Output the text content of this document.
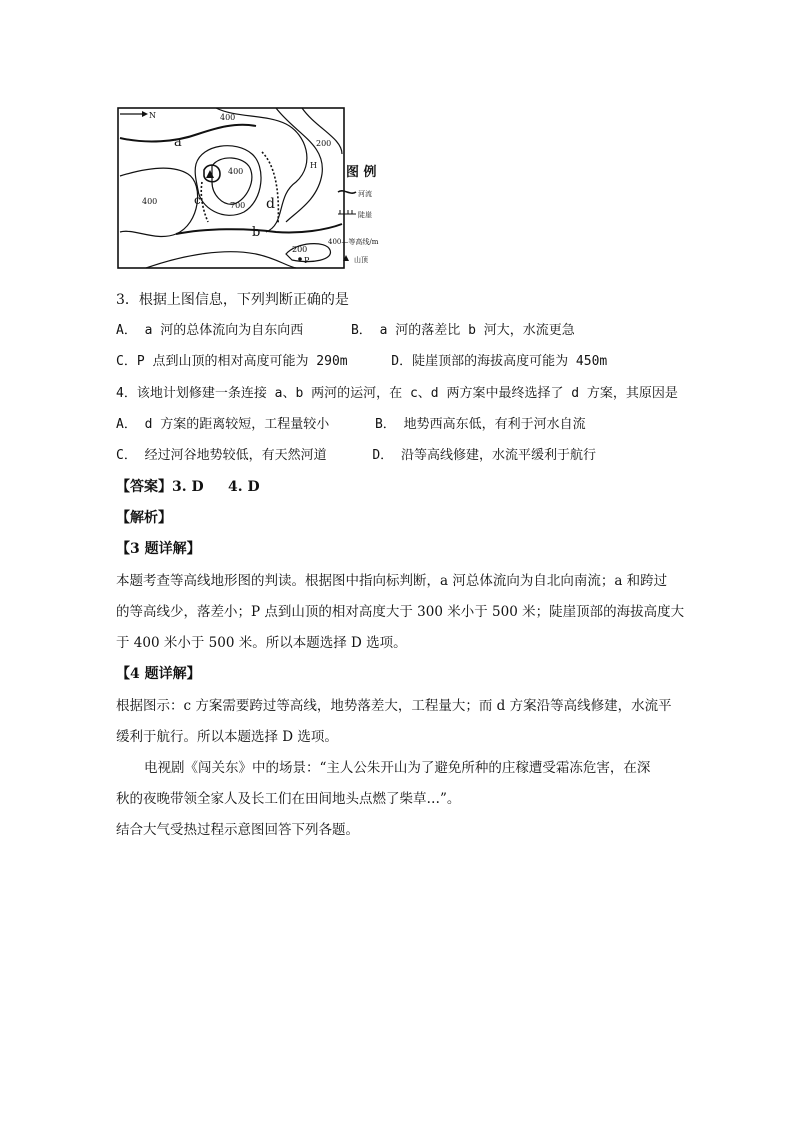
N
a
400
200
H
400
700
400	c	d
b
200
P
图 例
河流
陡崖
400—等高线/m
山顶
3．根据上图信息，下列判断正确的是
A． a 河的总体流向为自东向西	B． a 河的落差比 b 河大，水流更急
C．P 点到山顶的相对高度可能为 290m	D．陡崖顶部的海拔高度可能为 450m
4．该地计划修建一条连接 a、b 两河的运河，在 c、d 两方案中最终选择了 d 方案，其原因是
A． d 方案的距离较短，工程量较小	B． 地势西高东低，有利于河水自流
C． 经过河谷地势较低，有天然河道	D． 沿等高线修建，水流平缓利于航行
【答案】3. D     4. D
【解析】
【3 题详解】
本题考查等高线地形图的判读。根据图中指向标判断，a 河总体流向为自北向南流；a 和跨过
的等高线少，落差小；P 点到山顶的相对高度大于 300 米小于 500 米；陡崖顶部的海拔高度大
于 400 米小于 500 米。所以本题选择 D 选项。
【4 题详解】
根据图示：c 方案需要跨过等高线，地势落差大，工程量大；而 d 方案沿等高线修建，水流平
缓利于航行。所以本题选择 D 选项。
电视剧《闯关东》中的场景：“主人公朱开山为了避免所种的庄稼遭受霜冻危害，在深
秋的夜晚带领全家人及长工们在田间地头点燃了柴草…”。
结合大气受热过程示意图回答下列各题。
